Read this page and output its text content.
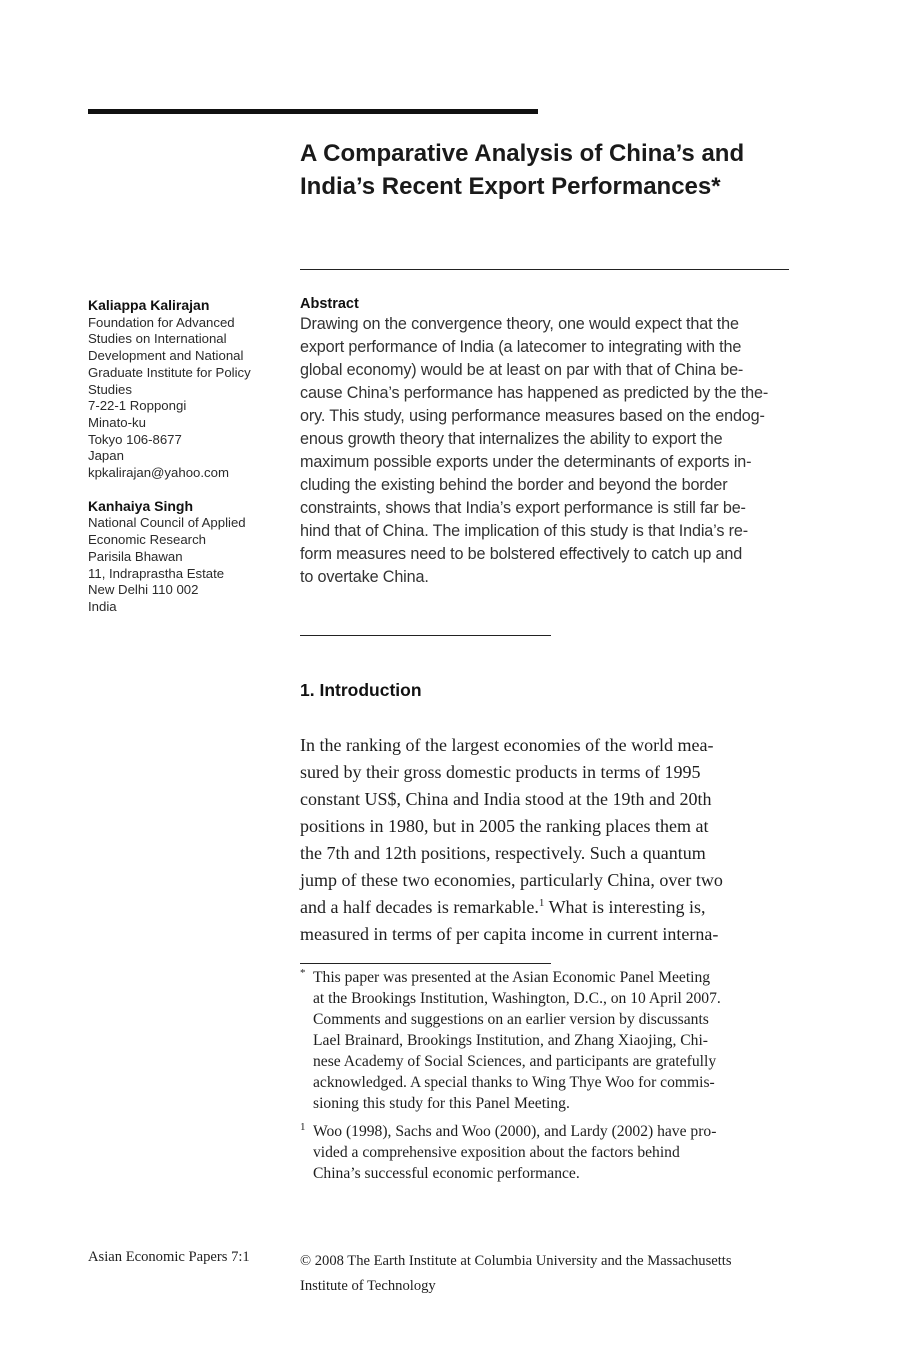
A Comparative Analysis of China’s and
India’s Recent Export Performances*
Kaliappa Kalirajan
Foundation for Advanced
Studies on International
Development and National
Graduate Institute for Policy
Studies
7-22-1 Roppongi
Minato-ku
Tokyo 106-8677
Japan
kpkalirajan@yahoo.com
Kanhaiya Singh
National Council of Applied
Economic Research
Parisila Bhawan
11, Indraprastha Estate
New Delhi 110 002
India
Abstract
Drawing on the convergence theory, one would expect that the
export performance of India (a latecomer to integrating with the
global economy) would be at least on par with that of China be-
cause China’s performance has happened as predicted by the the-
ory. This study, using performance measures based on the endog-
enous growth theory that internalizes the ability to export the
maximum possible exports under the determinants of exports in-
cluding the existing behind the border and beyond the border
constraints, shows that India’s export performance is still far be-
hind that of China. The implication of this study is that India’s re-
form measures need to be bolstered effectively to catch up and
to overtake China.
1. Introduction
In the ranking of the largest economies of the world mea-
sured by their gross domestic products in terms of 1995
constant US$, China and India stood at the 19th and 20th
positions in 1980, but in 2005 the ranking places them at
the 7th and 12th positions, respectively. Such a quantum
jump of these two economies, particularly China, over two
and a half decades is remarkable.$^1$ What is interesting is,
measured in terms of per capita income in current interna-
* This paper was presented at the Asian Economic Panel Meeting
at the Brookings Institution, Washington, D.C., on 10 April 2007.
Comments and suggestions on an earlier version by discussants
Lael Brainard, Brookings Institution, and Zhang Xiaojing, Chi-
nese Academy of Social Sciences, and participants are gratefully
acknowledged. A special thanks to Wing Thye Woo for commis-
sioning this study for this Panel Meeting.
1 Woo (1998), Sachs and Woo (2000), and Lardy (2002) have pro-
vided a comprehensive exposition about the factors behind
China’s successful economic performance.
Asian Economic Papers 7:1	© 2008 The Earth Institute at Columbia University and the Massachusetts
Institute of Technology
